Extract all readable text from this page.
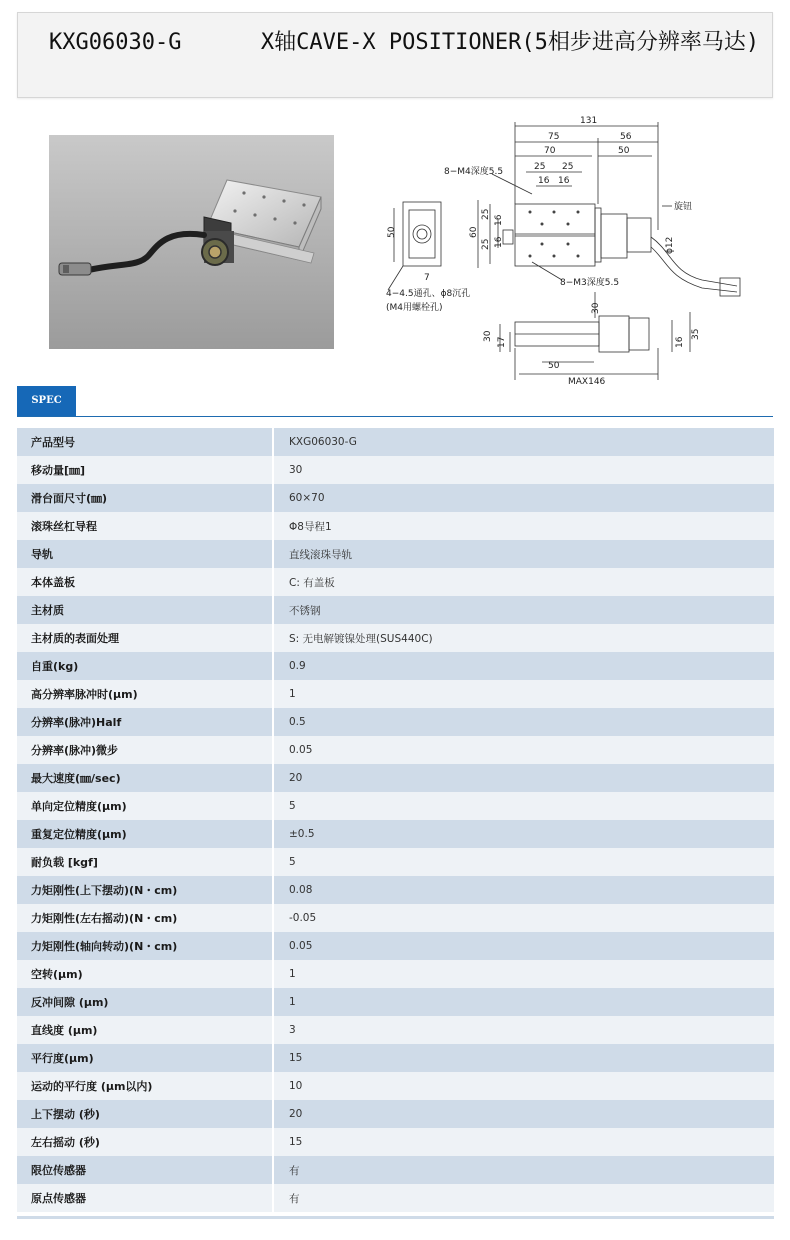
KXG06030-G      X轴CAVE-X POSITIONER(5相步进高分辨率马达)
131
75	56
70	50
25 25
16 16
8−M4深度5.5
旋钮
50	60
25
25
16
16
7
ϕ12
8−M3深度5.5
4−4.5通孔、ϕ8沉孔
(M4用螺栓孔)	30
30
17
35
16
50
MAX146
SPEC
产品型号	KXG06030-G
移动量[㎜]	30
滑台面尺寸(㎜)	60×70
滚珠丝杠导程	Φ8导程1
导轨	直线滚珠导轨
本体盖板	C: 有盖板
主材质	不锈钢
主材质的表面处理	S: 无电解镀镍处理(SUS440C)
自重(kg)	0.9
高分辨率脉冲时(μm)	1
分辨率(脉冲)Half	0.5
分辨率(脉冲)微步	0.05
最大速度(㎜/sec)	20
单向定位精度(μm)	5
重复定位精度(μm)	±0.5
耐负载 [kgf]	5
力矩刚性(上下摆动)(N・cm)	0.08
力矩刚性(左右摇动)(N・cm)	-0.05
力矩刚性(轴向转动)(N・cm)	0.05
空转(μm)	1
反冲间隙 (μm)	1
直线度 (μm)	3
平行度(μm)	15
运动的平行度 (μm以内)	10
上下摆动 (秒)	20
左右摇动 (秒)	15
限位传感器	有
原点传感器	有
